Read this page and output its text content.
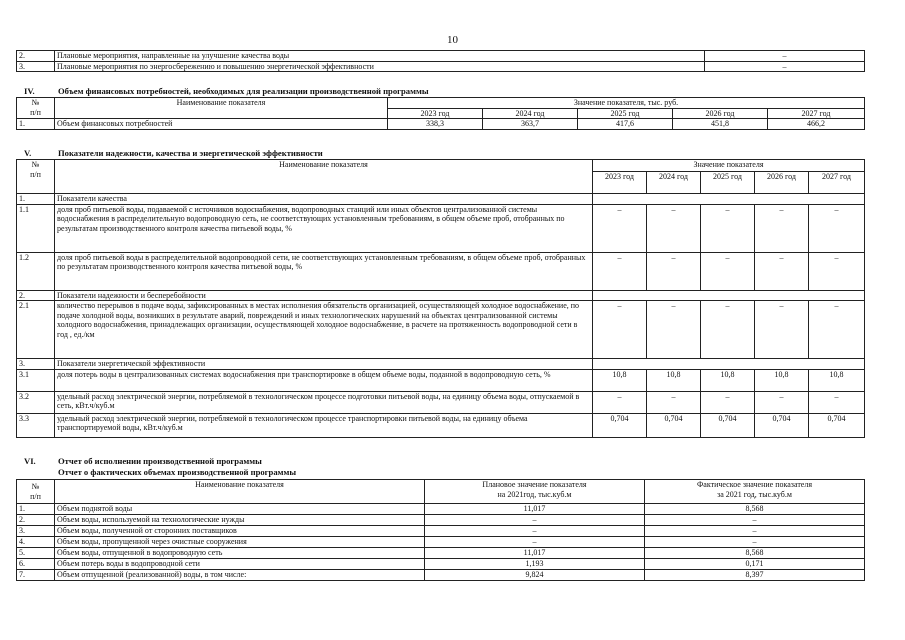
10
2.	Плановые мероприятия, направленные на улучшение качества воды	–
3.	Плановые мероприятия по энергосбережению и повышению энергетической эффективности	–
IV.	Объем финансовых потребностей, необходимых для реализации производственной программы
№
п/п	Наименование показателя	Значение показателя, тыс. руб.				
		2023 год	2024 год	2025 год	2026 год	2027 год
1.	Объем финансовых потребностей	338,3	363,7	417,6	451,8	466,2
V.	Показатели надежности, качества и энергетической эффективности
№
п/п	Наименование показателя	Значение показателя				
		2023 год	2024 год	2025 год	2026 год	2027 год
1.	Показатели качества					
1.1	доля проб питьевой воды, подаваемой с источников водоснабжения, водопроводных станций или иных объектов централизованной системы водоснабжения в распределительную водопроводную сеть, не соответствующих установленным требованиям, в общем объеме проб, отобранных по результатам производственного контроля качества питьевой воды, %	–	–	–	–	–
1.2	доля проб питьевой воды в распределительной водопроводной сети, не соответствующих установленным требованиям, в общем объеме проб, отобранных по результатам производственного контроля качества питьевой воды, %	–	–	–	–	–
2.	Показатели надежности и бесперебойности					
2.1	количество перерывов в подаче воды, зафиксированных в местах исполнения обязательств организацией, осуществляющей холодное водоснабжение, по подаче холодной воды, возникших в результате аварий, повреждений и иных технологических нарушений на объектах централизованной системы холодного водоснабжения, принадлежащих организации, осуществляющей холодное водоснабжение, в расчете на протяженность водопроводной сети в год , ед./км	–	–	–	–	–
3.	Показатели энергетической эффективности					
3.1	доля потерь воды в централизованных системах водоснабжения при транспортировке в общем объеме воды, поданной в водопроводную сеть, %	10,8	10,8	10,8	10,8	10,8
3.2	удельный расход электрической энергии, потребляемой в технологическом процессе подготовки питьевой воды, на единицу объема воды, отпускаемой в сеть, кВт.ч/куб.м	–	–	–	–	–
3.3	удельный расход электрической энергии, потребляемой в технологическом процессе транспортировки питьевой воды, на единицу объема транспортируемой воды, кВт.ч/куб.м	0,704	0,704	0,704	0,704	0,704
VI.	Отчет об исполнении производственной программы
Отчет о фактических объемах производственной программы
№
п/п	Наименование показателя	Плановое значение показателя
на 2021год, тыс.куб.м	Фактическое значение показателя
за 2021 год, тыс.куб.м
1.	Объем поднятой воды	11,017	8,568
2.	Объем воды, используемой на технологические нужды	–	–
3.	Объем воды, полученной от сторонних поставщиков	–	–
4.	Объем воды, пропущенной через очистные сооружения	–	–
5.	Объем воды, отпущенной в водопроводную сеть	11,017	8,568
6.	Объем потерь воды в водопроводной сети	1,193	0,171
7.	Объем отпущенной (реализованной) воды, в том числе:	9,824	8,397
